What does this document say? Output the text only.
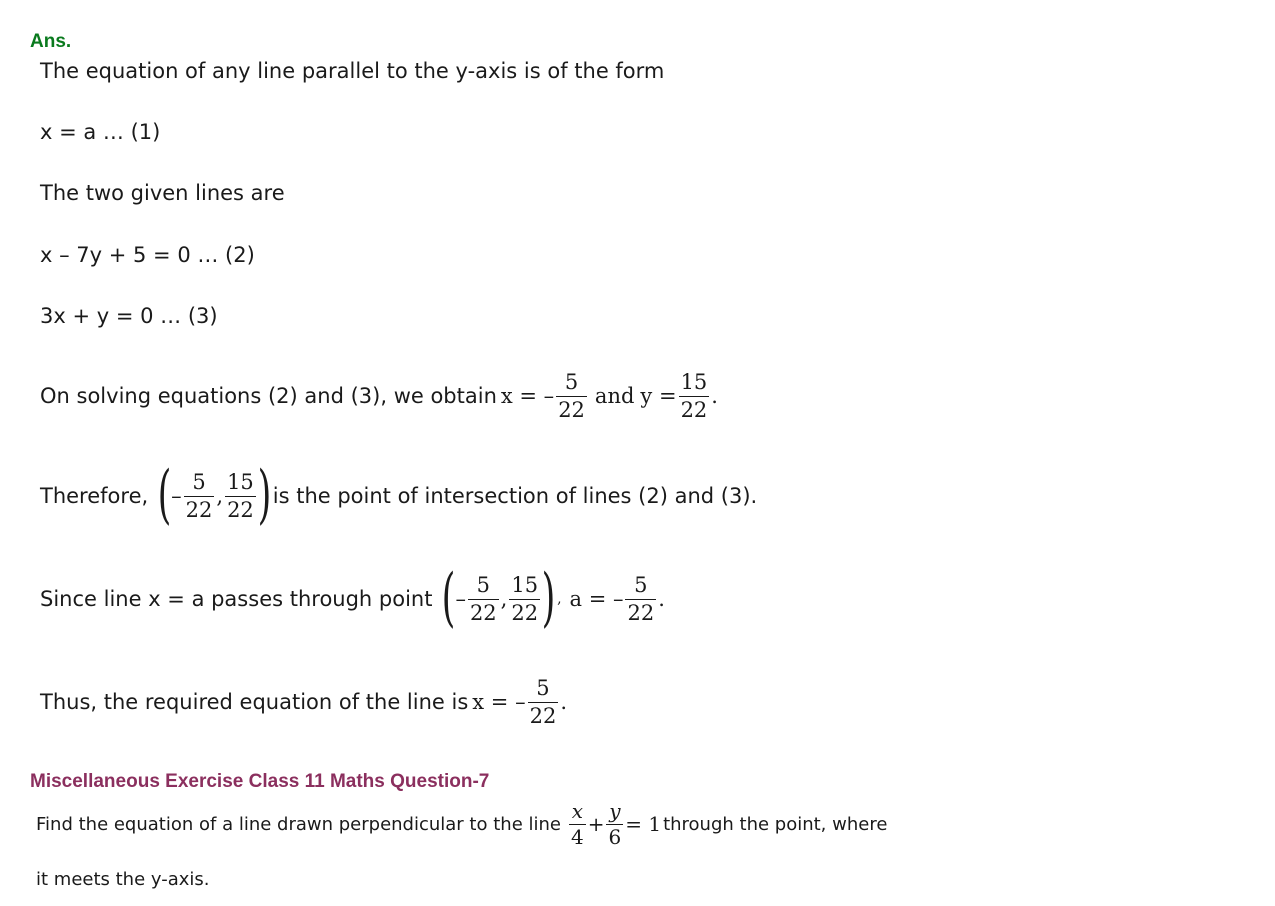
Ans.
The equation of any line parallel to the y-axis is of the form
x = a … (1)
The two given lines are
x – 7y + 5 = 0 … (2)
3x + y = 0 … (3)
On solving equations (2) and (3), we obtain x = – $\frac{5}{22}$ and $y = \frac{15}{22}$ .
Therefore, ( – $\frac{5}{22}$ , $\frac{15}{22}$ ) is the point of intersection of lines (2) and (3).
Since line x = a passes through point ( – $\frac{5}{22}$ , $\frac{15}{22}$ ) , a = – $\frac{5}{22}$ .
Thus, the required equation of the line is x = – $\frac{5}{22}$ .
Miscellaneous Exercise Class 11 Maths Question-7
Find the equation of a line drawn perpendicular to the line $\frac{x}{4} + \frac{y}{6} = 1$ through the point, where
it meets the y-axis.
